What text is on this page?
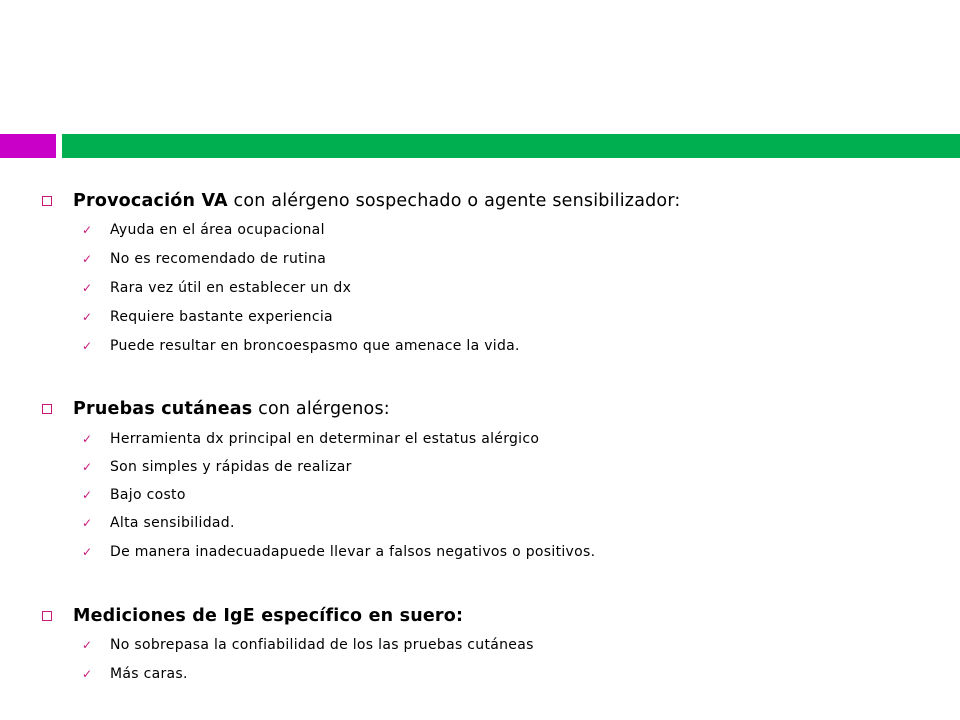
Provocación VA con alérgeno sospechado o agente sensibilizador:
✓ Ayuda en el área ocupacional
✓ No es recomendado de rutina
✓ Rara vez útil en establecer un dx
✓ Requiere bastante experiencia
✓ Puede resultar en broncoespasmo que amenace la vida.
Pruebas cutáneas con alérgenos:
✓ Herramienta dx principal en determinar el estatus alérgico
✓ Son simples y rápidas de realizar
✓ Bajo costo
✓ Alta sensibilidad.
✓ De manera inadecuadapuede llevar a falsos negativos o positivos.
Mediciones de IgE específico en suero:
✓ No sobrepasa la confiabilidad de los las pruebas cutáneas
✓ Más caras.
